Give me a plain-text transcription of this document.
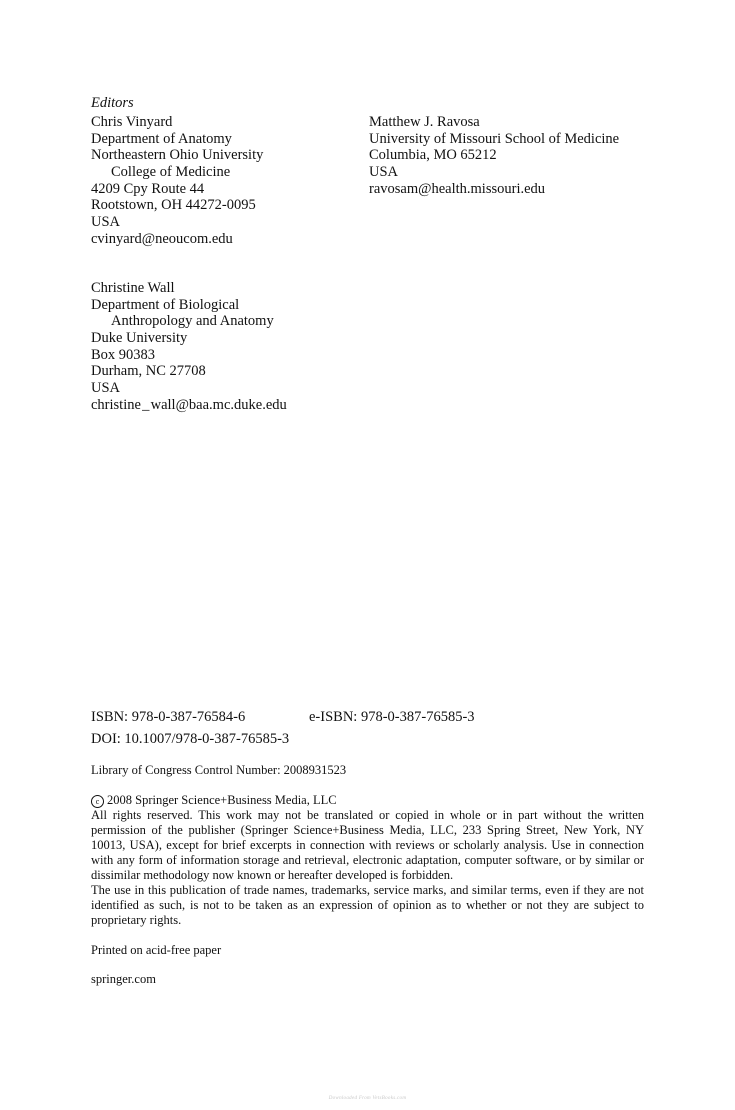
Editors
Chris Vinyard
Department of Anatomy
Northeastern Ohio University
College of Medicine
4209 Cpy Route 44
Rootstown, OH 44272-0095
USA
cvinyard@neoucom.edu
Matthew J. Ravosa
University of Missouri School of Medicine
Columbia, MO 65212
USA
ravosam@health.missouri.edu
Christine Wall
Department of Biological
Anthropology and Anatomy
Duke University
Box 90383
Durham, NC 27708
USA
christine _ wall@baa.mc.duke.edu
ISBN: 978-0-387-76584-6	e-ISBN: 978-0-387-76585-3
DOI: 10.1007/978-0-387-76585-3
Library of Congress Control Number: 2008931523

c 2008 Springer Science+Business Media, LLC

All rights reserved. This work may not be translated or copied in whole or in part without the written permission of the publisher (Springer Science+Business Media, LLC, 233 Spring Street, New York, NY 10013, USA), except for brief excerpts in connection with reviews or scholarly analysis. Use in connection with any form of information storage and retrieval, electronic adaptation, computer software, or by similar or dissimilar methodology now known or hereafter developed is forbidden.

The use in this publication of trade names, trademarks, service marks, and similar terms, even if they are not identified as such, is not to be taken as an expression of opinion as to whether or not they are subject to proprietary rights.

Printed on acid-free paper
springer.com
Downloaded From VetsBooks.com
